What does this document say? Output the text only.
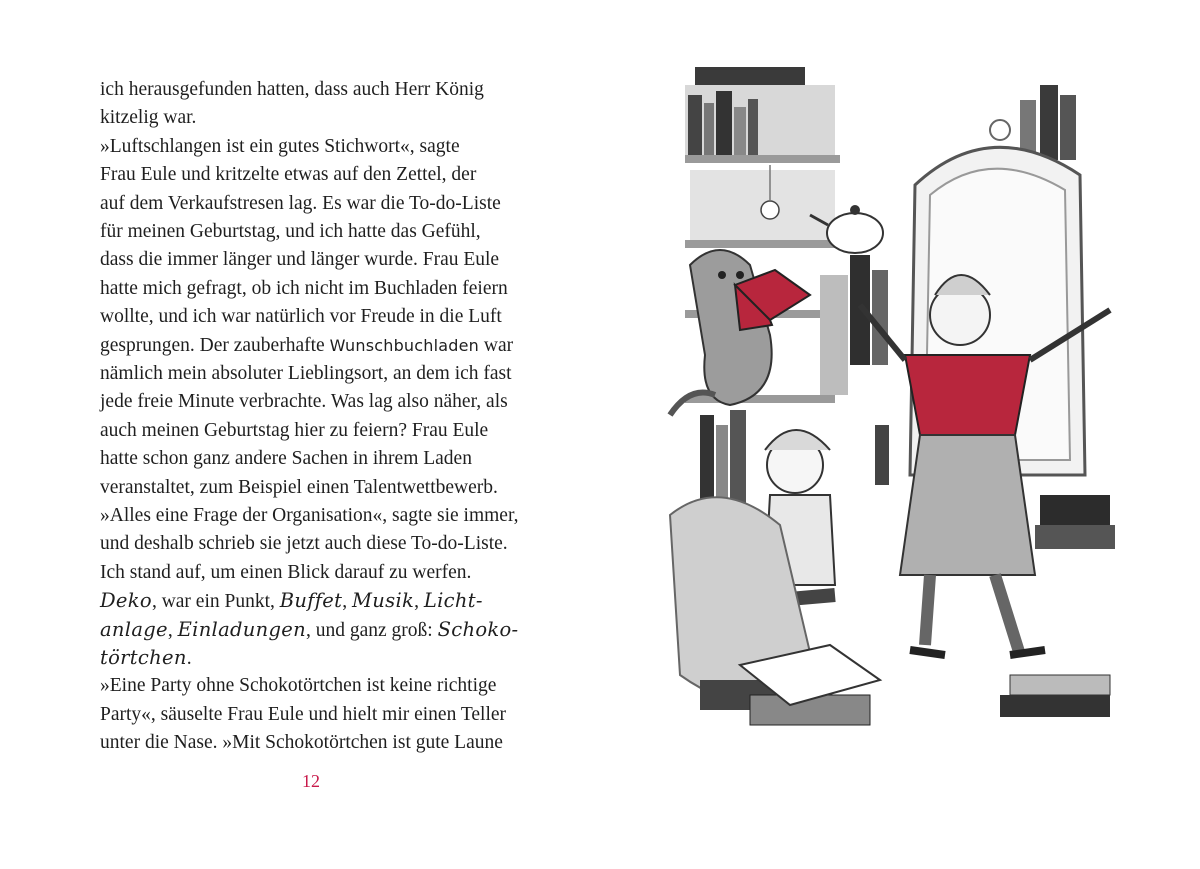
ich herausgefunden hatten, dass auch Herr König
kitzelig war.
»Luftschlangen ist ein gutes Stichwort«, sagte
Frau Eule und kritzelte etwas auf den Zettel, der
auf dem Verkaufstresen lag. Es war die To-do-Liste
für meinen Geburtstag, und ich hatte das Gefühl,
dass die immer länger und länger wurde. Frau Eule
hatte mich gefragt, ob ich nicht im Buchladen feiern
wollte, und ich war natürlich vor Freude in die Luft
gesprungen. Der zauberhafte Wunschbuchladen war
nämlich mein absoluter Lieblingsort, an dem ich fast
jede freie Minute verbrachte. Was lag also näher, als
auch meinen Geburtstag hier zu feiern? Frau Eule
hatte schon ganz andere Sachen in ihrem Laden
veranstaltet, zum Beispiel einen Talentwettbewerb.
»Alles eine Frage der Organisation«, sagte sie immer,
und deshalb schrieb sie jetzt auch diese To-do-Liste.
Ich stand auf, um einen Blick darauf zu werfen.
Deko, war ein Punkt, Buffet, Musik, Licht-
anlage, Einladungen, und ganz groß: Schoko-
törtchen.
»Eine Party ohne Schokotörtchen ist keine richtige
Party«, säuselte Frau Eule und hielt mir einen Teller
unter die Nase. »Mit Schokotörtchen ist gute Laune
12
